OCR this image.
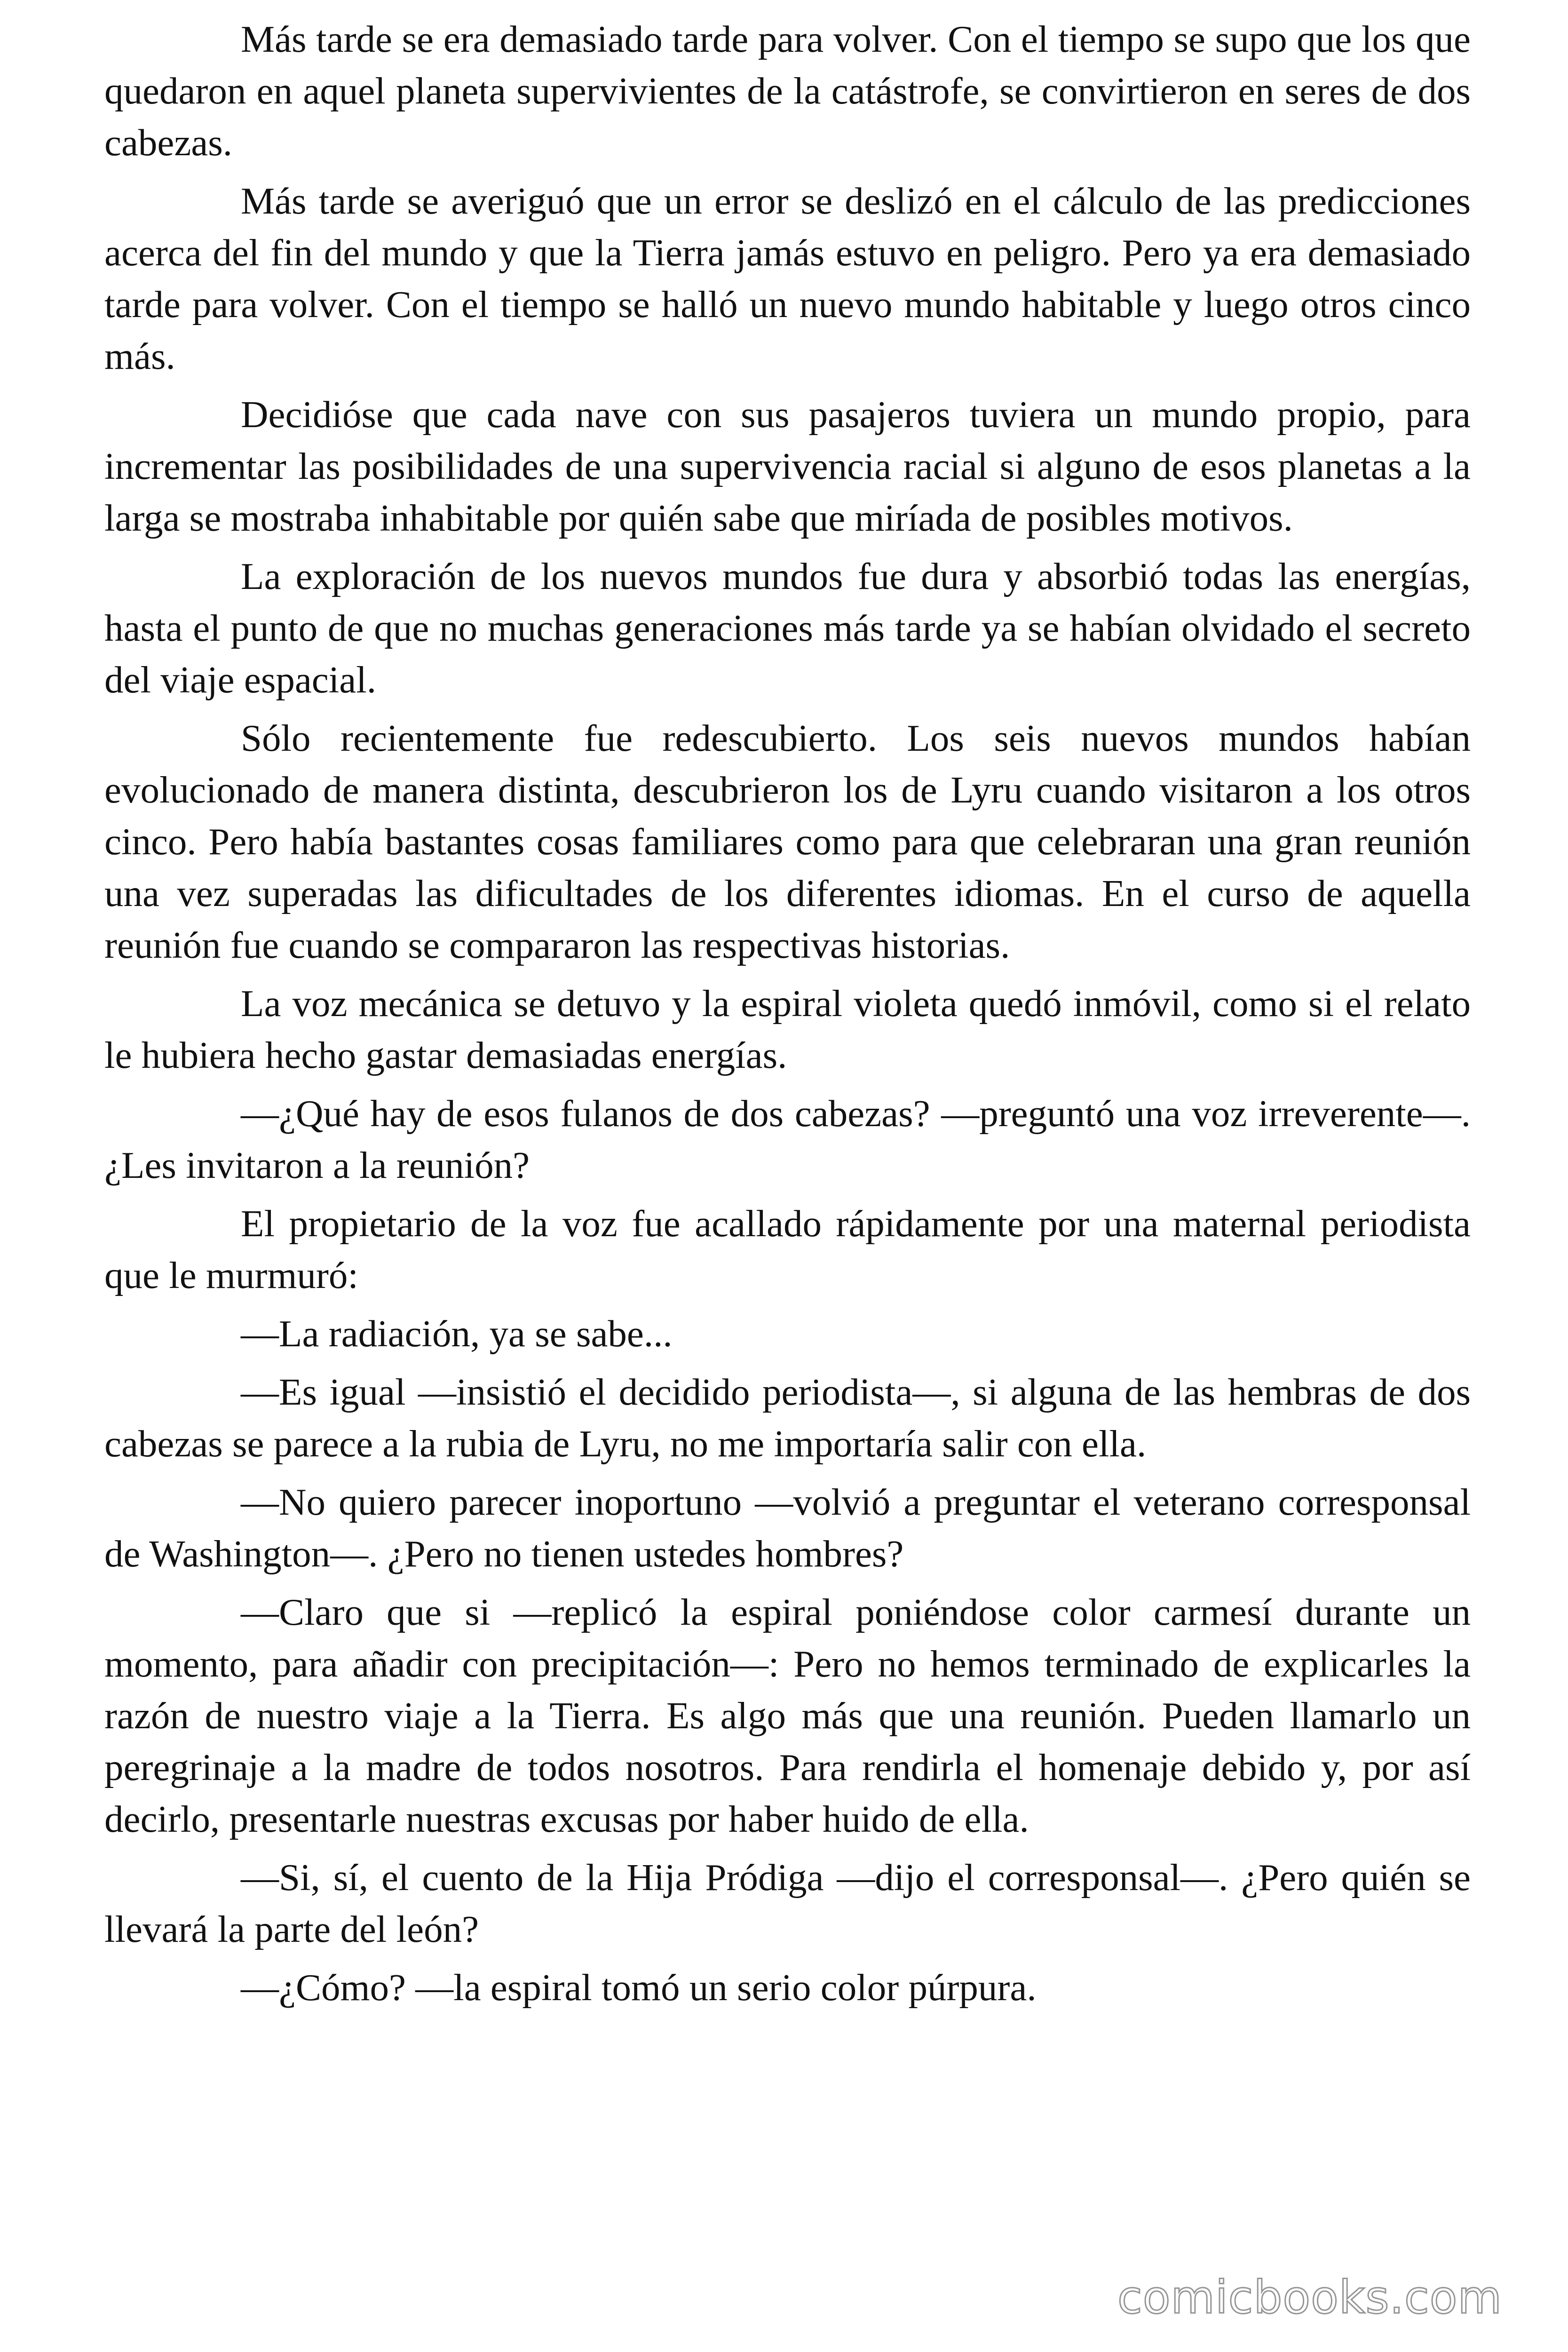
Más tarde se era demasiado tarde para volver. Con el tiempo se supo que los que quedaron en aquel planeta supervivientes de la catástrofe, se convirtieron en seres de dos cabezas.

Más tarde se averiguó que un error se deslizó en el cálculo de las predicciones acerca del fin del mundo y que la Tierra jamás estuvo en peligro. Pero ya era demasiado tarde para volver. Con el tiempo se halló un nuevo mundo habitable y luego otros cinco más.

Decidióse que cada nave con sus pasajeros tuviera un mundo propio, para incrementar las posibilidades de una supervivencia racial si alguno de esos planetas a la larga se mostraba inhabitable por quién sabe que miríada de posibles motivos.

La exploración de los nuevos mundos fue dura y absorbió todas las energías, hasta el punto de que no muchas generaciones más tarde ya se habían olvidado el secreto del viaje espacial.

Sólo recientemente fue redescubierto. Los seis nuevos mundos habían evolucionado de manera distinta, descubrieron los de Lyru cuando visitaron a los otros cinco. Pero había bastantes cosas familiares como para que celebraran una gran reunión una vez superadas las dificultades de los diferentes idiomas. En el curso de aquella reunión fue cuando se compararon las respectivas historias.

La voz mecánica se detuvo y la espiral violeta quedó inmóvil, como si el relato le hubiera hecho gastar demasiadas energías.

—¿Qué hay de esos fulanos de dos cabezas? —preguntó una voz irreverente—. ¿Les invitaron a la reunión?

El propietario de la voz fue acallado rápidamente por una maternal periodista que le murmuró:

—La radiación, ya se sabe...

—Es igual —insistió el decidido periodista—, si alguna de las hembras de dos cabezas se parece a la rubia de Lyru, no me importaría salir con ella.

—No quiero parecer inoportuno —volvió a preguntar el veterano corresponsal de Washington—. ¿Pero no tienen ustedes hombres?

—Claro que si —replicó la espiral poniéndose color carmesí durante un momento, para añadir con precipitación—: Pero no hemos terminado de explicarles la razón de nuestro viaje a la Tierra. Es algo más que una reunión. Pueden llamarlo un peregrinaje a la madre de todos nosotros. Para rendirla el homenaje debido y, por así decirlo, presentarle nuestras excusas por haber huido de ella.

—Si, sí, el cuento de la Hija Pródiga —dijo el corresponsal—. ¿Pero quién se llevará la parte del león?

—¿Cómo? —la espiral tomó un serio color púrpura.

comicbooks.com
